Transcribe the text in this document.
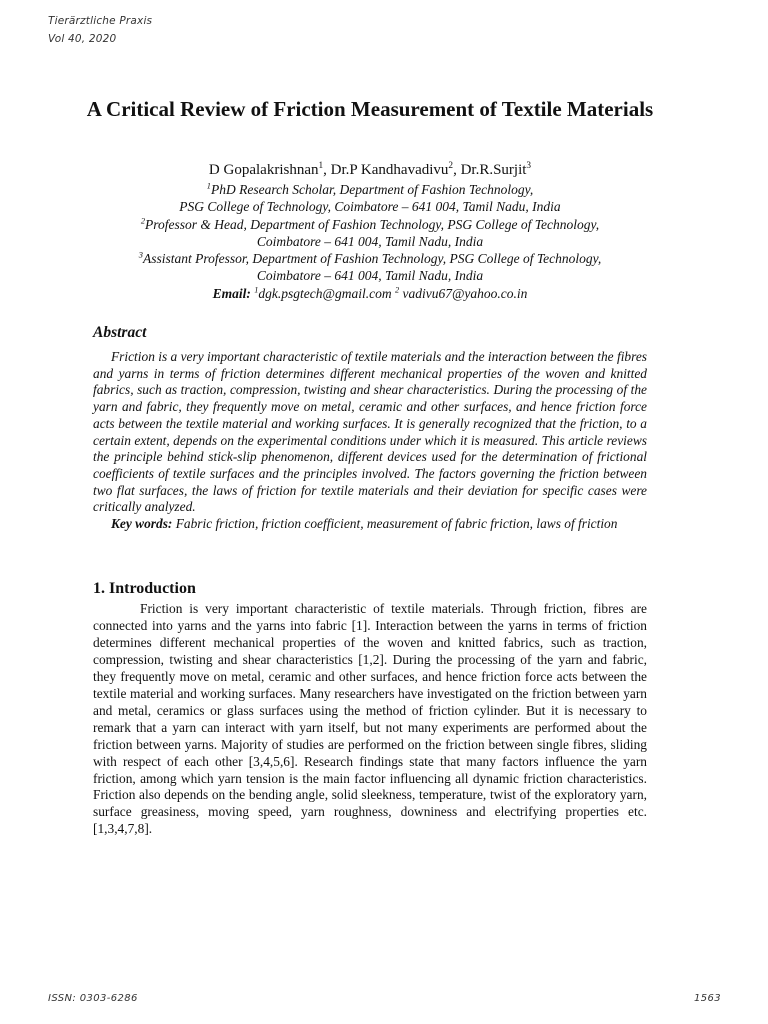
Tierärztliche Praxis
Vol 40, 2020
A Critical Review of Friction Measurement of Textile Materials
D Gopalakrishnan$^1$, Dr.P Kandhavadivu$^2$, Dr.R.Surjit$^3$
$^1$PhD Research Scholar, Department of Fashion Technology,
PSG College of Technology, Coimbatore – 641 004, Tamil Nadu, India
$^2$Professor & Head, Department of Fashion Technology, PSG College of Technology,
Coimbatore – 641 004, Tamil Nadu, India
$^3$Assistant Professor, Department of Fashion Technology, PSG College of Technology,
Coimbatore – 641 004, Tamil Nadu, India
Email: $^1$dgk.psgtech@gmail.com $^2$ vadivu67@yahoo.co.in
Abstract

Friction is a very important characteristic of textile materials and the interaction between the fibres and yarns in terms of friction determines different mechanical properties of the woven and knitted fabrics, such as traction, compression, twisting and shear characteristics. During the processing of the yarn and fabric, they frequently move on metal, ceramic and other surfaces, and hence friction force acts between the textile material and working surfaces. It is generally recognized that the friction, to a certain extent, depends on the experimental conditions under which it is measured. This article reviews the principle behind stick-slip phenomenon, different devices used for the determination of frictional coefficients of textile surfaces and the principles involved. The factors governing the friction between two flat surfaces, the laws of friction for textile materials and their deviation for specific cases were critically analyzed.

Key words: Fabric friction, friction coefficient, measurement of fabric friction, laws of friction

1. Introduction

Friction is very important characteristic of textile materials. Through friction, fibres are connected into yarns and the yarns into fabric [1]. Interaction between the yarns in terms of friction determines different mechanical properties of the woven and knitted fabrics, such as traction, compression, twisting and shear characteristics [1,2]. During the processing of the yarn and fabric, they frequently move on metal, ceramic and other surfaces, and hence friction force acts between the textile material and working surfaces. Many researchers have investigated on the friction between yarn and metal, ceramics or glass surfaces using the method of friction cylinder. But it is necessary to remark that a yarn can interact with yarn itself, but not many experiments are performed about the friction between yarns. Majority of studies are performed on the friction between single fibres, sliding with respect of each other [3,4,5,6]. Research findings state that many factors influence the yarn friction, among which yarn tension is the main factor influencing all dynamic friction characteristics. Friction also depends on the bending angle, solid sleekness, temperature, twist of the exploratory yarn, surface greasiness, moving speed, yarn roughness, downiness and electrifying properties etc.[1,3,4,7,8].

ISSN: 0303-6286	1563
